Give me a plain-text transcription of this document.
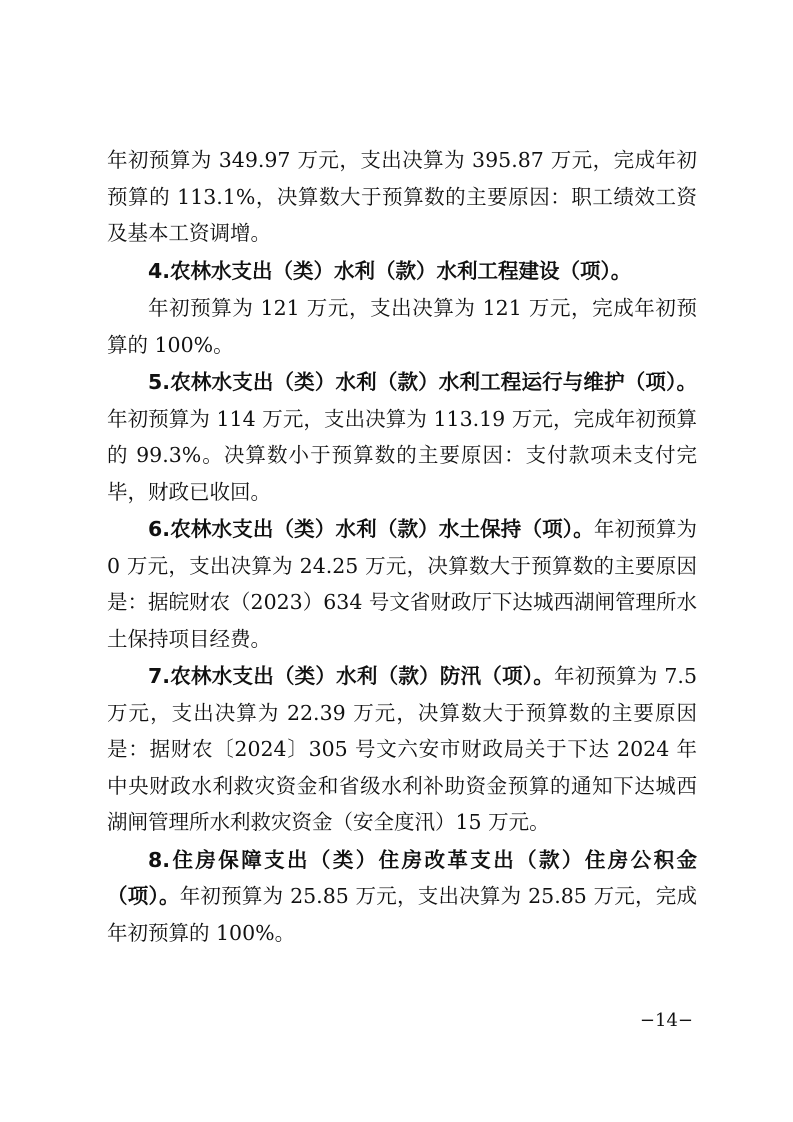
年初预算为 349.97 万元，支出决算为 395.87 万元，完成年初预算的 113.1%，决算数大于预算数的主要原因：职工绩效工资及基本工资调增。

4.农林水支出（类）水利（款）水利工程建设（项）。

年初预算为 121 万元，支出决算为 121 万元，完成年初预算的 100%。

5.农林水支出（类）水利（款）水利工程运行与维护（项）。年初预算为 114 万元，支出决算为 113.19 万元，完成年初预算的 99.3%。决算数小于预算数的主要原因：支付款项未支付完毕，财政已收回。

6.农林水支出（类）水利（款）水土保持（项）。年初预算为 0 万元，支出决算为 24.25 万元，决算数大于预算数的主要原因是：据皖财农（2023）634 号文省财政厅下达城西湖闸管理所水土保持项目经费。

7.农林水支出（类）水利（款）防汛（项）。年初预算为 7.5 万元，支出决算为 22.39 万元，决算数大于预算数的主要原因是：据财农〔2024〕305 号文六安市财政局关于下达 2024 年中央财政水利救灾资金和省级水利补助资金预算的通知下达城西湖闸管理所水利救灾资金（安全度汛）15 万元。

8.住房保障支出（类）住房改革支出（款）住房公积金（项）。年初预算为 25.85 万元，支出决算为 25.85 万元，完成年初预算的 100%。

−14−
